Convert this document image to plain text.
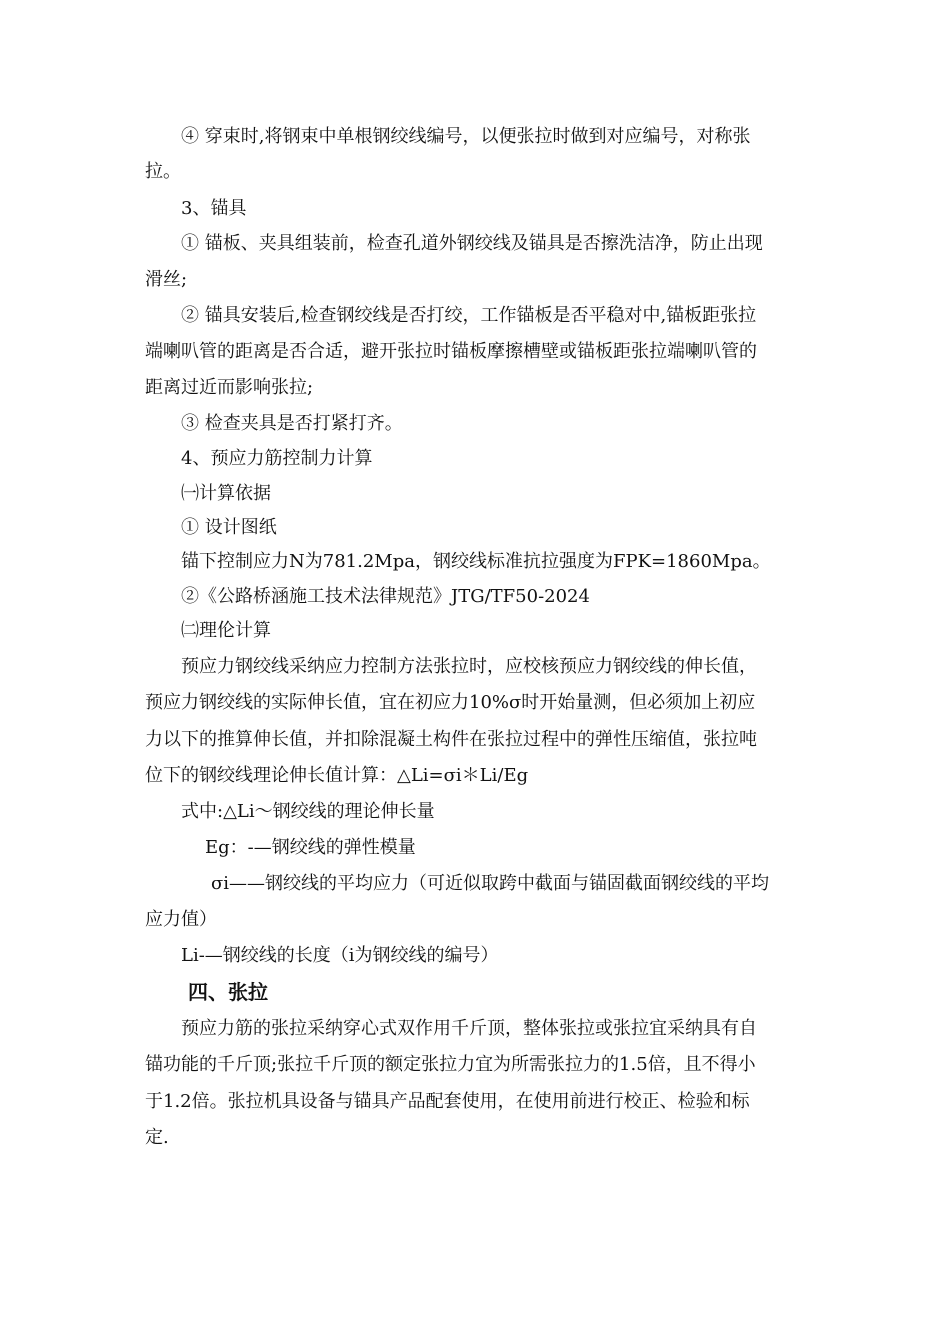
④ 穿束时,将钢束中单根钢绞线编号，以便张拉时做到对应编号，对称张
拉。
3、锚具
① 锚板、夹具组装前，检查孔道外钢绞线及锚具是否擦洗洁净，防止出现
滑丝;
② 锚具安装后,检查钢绞线是否打绞，工作锚板是否平稳对中,锚板距张拉
端喇叭管的距离是否合适，避开张拉时锚板摩擦槽壁或锚板距张拉端喇叭管的
距离过近而影响张拉;
③ 检查夹具是否打紧打齐。
4、预应力筋控制力计算
㈠计算依据
① 设计图纸
锚下控制应力N为781.2Mpa，钢绞线标准抗拉强度为FPK=1860Mpa。
②《公路桥涵施工技术法律规范》JTG/TF50-2024
㈡理伦计算
预应力钢绞线采纳应力控制方法张拉时，应校核预应力钢绞线的伸长值，
预应力钢绞线的实际伸长值，宜在初应力10%σ时开始量测，但必须加上初应
力以下的推算伸长值，并扣除混凝土构件在张拉过程中的弹性压缩值，张拉吨
位下的钢绞线理论伸长值计算：△Li=σi＊Li/Eg
式中:△Li～钢绞线的理论伸长量
Eg：-—钢绞线的弹性模量
σi——钢绞线的平均应力（可近似取跨中截面与锚固截面钢绞线的平均
应力值）
Li-—钢绞线的长度（i为钢绞线的编号）
四、张拉
预应力筋的张拉采纳穿心式双作用千斤顶，整体张拉或张拉宜采纳具有自
锚功能的千斤顶;张拉千斤顶的额定张拉力宜为所需张拉力的1.5倍，且不得小
于1.2倍。张拉机具设备与锚具产品配套使用，在使用前进行校正、检验和标
定.
